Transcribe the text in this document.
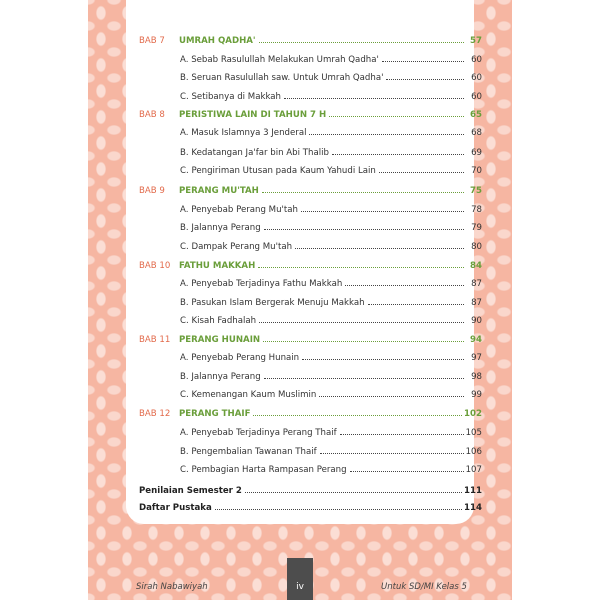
BAB 7	UMRAH QADHA'	57
A. Sebab Rasulullah Melakukan Umrah Qadha'	60
B. Seruan Rasulullah saw. Untuk Umrah Qadha'	60
C. Setibanya di Makkah	60
BAB 8	PERISTIWA LAIN DI TAHUN 7 H	65
A. Masuk Islamnya 3 Jenderal	68
B. Kedatangan Ja'far bin Abi Thalib	69
C. Pengiriman Utusan pada Kaum Yahudi Lain	70
BAB 9	PERANG MU'TAH	75
A. Penyebab Perang Mu'tah	78
B. Jalannya Perang	79
C. Dampak Perang Mu'tah	80
BAB 10	FATHU MAKKAH	84
A. Penyebab Terjadinya Fathu Makkah	87
B. Pasukan Islam Bergerak Menuju Makkah	87
C. Kisah Fadhalah	90
BAB 11	PERANG HUNAIN	94
A. Penyebab Perang Hunain	97
B. Jalannya Perang	98
C. Kemenangan Kaum Muslimin	99
BAB 12	PERANG THAIF	102
A. Penyebab Terjadinya Perang Thaif	105
B. Pengembalian Tawanan Thaif	106
C. Pembagian Harta Rampasan Perang	107
Penilaian Semester 2	111
Daftar Pustaka	114
Sirah Nabawiyah	iv	Untuk SD/MI Kelas 5
